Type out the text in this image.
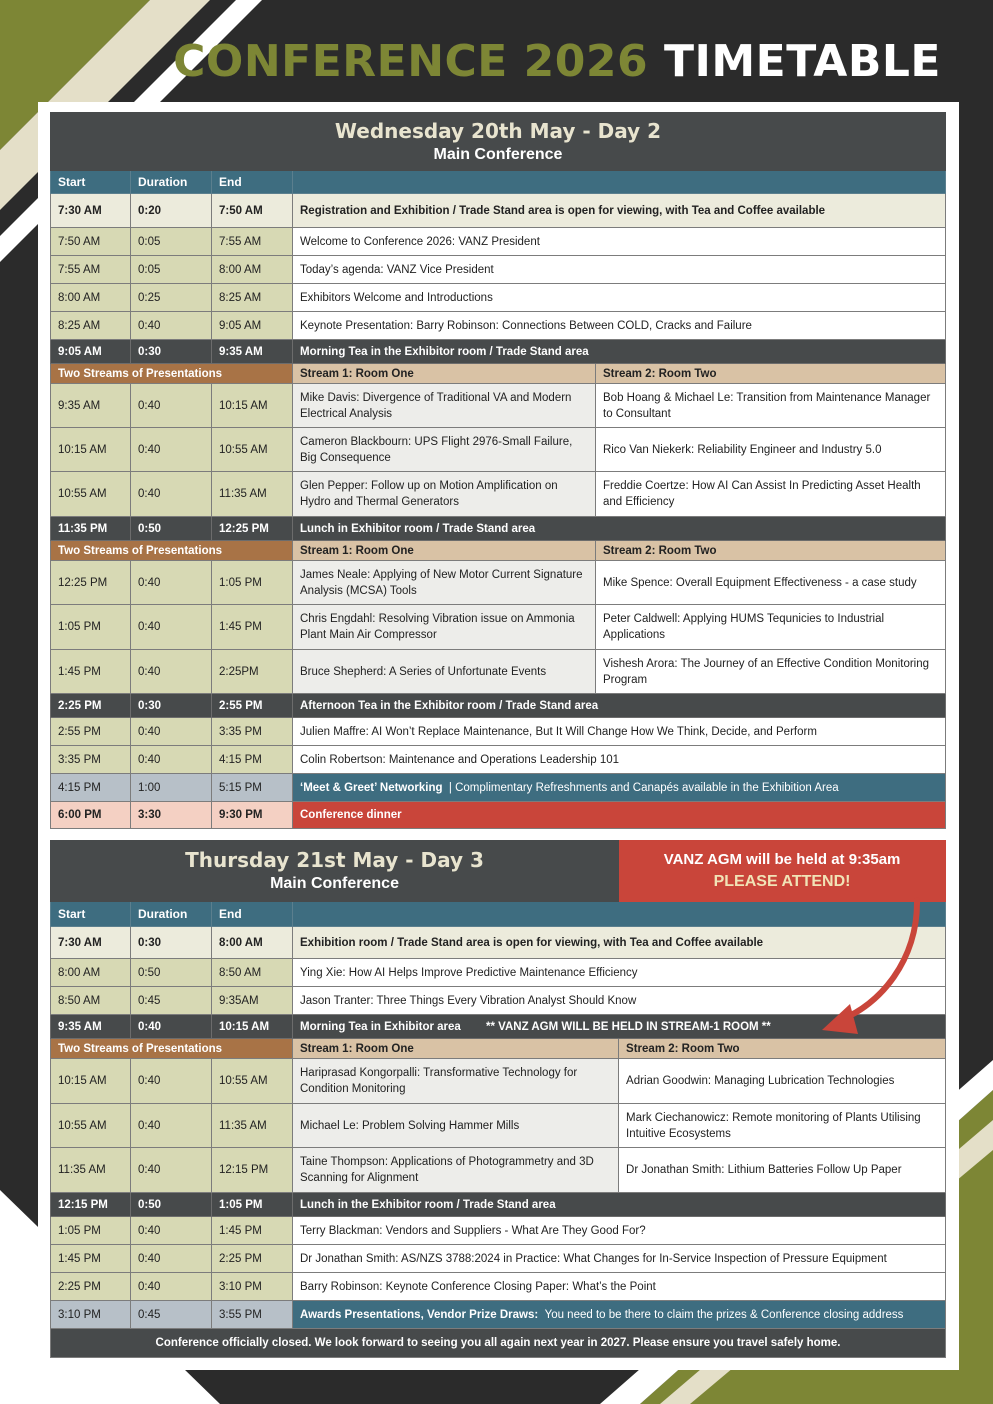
CONFERENCE 2026 TIMETABLE
Wednesday 20th May - Day 2
Main Conference				

Start	Duration	End		
7:30 AM	0:20	7:50 AM	Registration and Exhibition / Trade Stand area is open for viewing, with Tea and Coffee available	
7:50 AM	0:05	7:55 AM	Welcome to Conference 2026: VANZ President	
7:55 AM	0:05	8:00 AM	Today’s agenda: VANZ Vice President	
8:00 AM	0:25	8:25 AM	Exhibitors Welcome and Introductions	
8:25 AM	0:40	9:05 AM	Keynote Presentation: Barry Robinson: Connections Between COLD, Cracks and Failure	
9:05 AM	0:30	9:35 AM	Morning Tea in the Exhibitor room / Trade Stand area	
Two Streams of Presentations			Stream 1: Room One	Stream 2: Room Two
9:35 AM	0:40	10:15 AM	Mike Davis: Divergence of Traditional VA and Modern Electrical Analysis	Bob Hoang & Michael Le: Transition from Maintenance Manager to Consultant
10:15 AM	0:40	10:55 AM	Cameron Blackbourn: UPS Flight 2976-Small Failure, Big Consequence	Rico Van Niekerk: Reliability Engineer and Industry 5.0
10:55 AM	0:40	11:35 AM	Glen Pepper: Follow up on Motion Amplification on Hydro and Thermal Generators	Freddie Coertze: How AI Can Assist In Predicting Asset Health and Efficiency
11:35 PM	0:50	12:25 PM	Lunch in Exhibitor room / Trade Stand area	
Two Streams of Presentations			Stream 1: Room One	Stream 2: Room Two
12:25 PM	0:40	1:05 PM	James Neale: Applying of New Motor Current Signature Analysis (MCSA) Tools	Mike Spence: Overall Equipment Effectiveness - a case study
1:05 PM	0:40	1:45 PM	Chris Engdahl: Resolving Vibration issue on Ammonia Plant Main Air Compressor	Peter Caldwell: Applying HUMS Tequnicies to Industrial Applications
1:45 PM	0:40	2:25PM	Bruce Shepherd: A Series of Unfortunate Events	Vishesh Arora: The Journey of an Effective Condition Monitoring Program
2:25 PM	0:30	2:55 PM	Afternoon Tea in the Exhibitor room / Trade Stand area	
2:55 PM	0:40	3:35 PM	Julien Maffre: AI Won’t Replace Maintenance, But It Will Change How We Think, Decide, and Perform	
3:35 PM	0:40	4:15 PM	Colin Robertson: Maintenance and Operations Leadership 101	
4:15 PM	1:00	5:15 PM	‘Meet & Greet’ Networking | Complimentary Refreshments and Canapés available in the Exhibition Area	
6:00 PM	3:30	9:30 PM	Conference dinner	
Thursday 21st May - Day 3
Main Conference				VANZ AGM will be held at 9:35am
PLEASE ATTEND!

Start	Duration	End		
7:30 AM	0:30	8:00 AM	Exhibition room / Trade Stand area is open for viewing, with Tea and Coffee available	
8:00 AM	0:50	8:50 AM	Ying Xie: How AI Helps Improve Predictive Maintenance Efficiency	
8:50 AM	0:45	9:35AM	Jason Tranter: Three Things Every Vibration Analyst Should Know	
9:35 AM	0:40	10:15 AM	Morning Tea in Exhibitor area ** VANZ AGM WILL BE HELD IN STREAM-1 ROOM **	
Two Streams of Presentations			Stream 1: Room One	Stream 2: Room Two
10:15 AM	0:40	10:55 AM	Hariprasad Kongorpalli: Transformative Technology for Condition Monitoring	Adrian Goodwin: Managing Lubrication Technologies
10:55 AM	0:40	11:35 AM	Michael Le: Problem Solving Hammer Mills	Mark Ciechanowicz: Remote monitoring of Plants Utilising Intuitive Ecosystems
11:35 AM	0:40	12:15 PM	Taine Thompson: Applications of Photogrammetry and 3D Scanning for Alignment	Dr Jonathan Smith: Lithium Batteries Follow Up Paper
12:15 PM	0:50	1:05 PM	Lunch in the Exhibitor room / Trade Stand area	
1:05 PM	0:40	1:45 PM	Terry Blackman: Vendors and Suppliers - What Are They Good For?	
1:45 PM	0:40	2:25 PM	Dr Jonathan Smith: AS/NZS 3788:2024 in Practice: What Changes for In-Service Inspection of Pressure Equipment	
2:25 PM	0:40	3:10 PM	Barry Robinson: Keynote Conference Closing Paper: What’s the Point	
3:10 PM	0:45	3:55 PM	Awards Presentations, Vendor Prize Draws: You need to be there to claim the prizes & Conference closing address	
Conference officially closed. We look forward to seeing you all again next year in 2027. Please ensure you travel safely home.				
